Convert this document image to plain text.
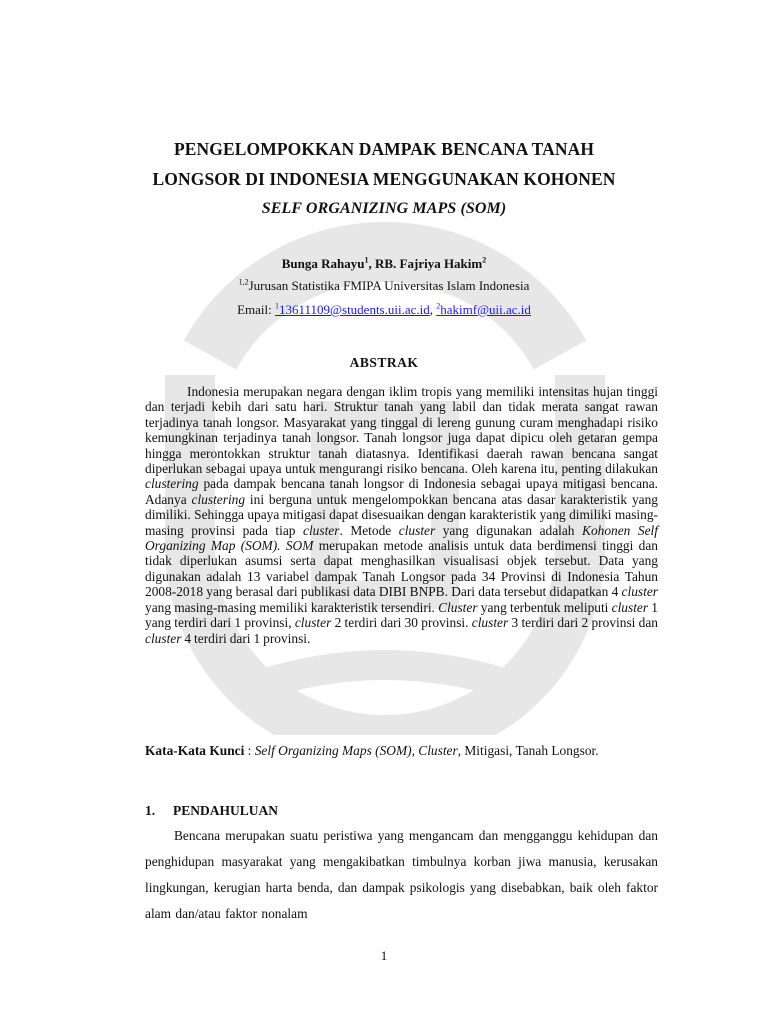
PENGELOMPOKKAN DAMPAK BENCANA TANAH
LONGSOR DI INDONESIA MENGGUNAKAN KOHONEN
SELF ORGANIZING MAPS (SOM)
Bunga Rahayu$^1$, RB. Fajriya Hakim$^2$
$^{1,2}$Jurusan Statistika FMIPA Universitas Islam Indonesia
Email: $^1$13611109@students.uii.ac.id, $^2$hakimf@uii.ac.id
ABSTRAK
Indonesia merupakan negara dengan iklim tropis yang memiliki intensitas hujan tinggi dan terjadi kebih dari satu hari. Struktur tanah yang labil dan tidak merata sangat rawan terjadinya tanah longsor. Masyarakat yang tinggal di lereng gunung curam menghadapi risiko kemungkinan terjadinya tanah longsor. Tanah longsor juga dapat dipicu oleh getaran gempa hingga merontokkan struktur tanah diatasnya. Identifikasi daerah rawan bencana sangat diperlukan sebagai upaya untuk mengurangi risiko bencana. Oleh karena itu, penting dilakukan clustering pada dampak bencana tanah longsor di Indonesia sebagai upaya mitigasi bencana. Adanya clustering ini berguna untuk mengelompokkan bencana atas dasar karakteristik yang dimiliki. Sehingga upaya mitigasi dapat disesuaikan dengan karakteristik yang dimiliki masing-masing provinsi pada tiap cluster. Metode cluster yang digunakan adalah Kohonen Self Organizing Map (SOM). SOM merupakan metode analisis untuk data berdimensi tinggi dan tidak diperlukan asumsi serta dapat menghasilkan visualisasi objek tersebut. Data yang digunakan adalah 13 variabel dampak Tanah Longsor pada 34 Provinsi di Indonesia Tahun 2008-2018 yang berasal dari publikasi data DIBI BNPB. Dari data tersebut didapatkan 4 cluster yang masing-masing memiliki karakteristik tersendiri. Cluster yang terbentuk meliputi cluster 1 yang terdiri dari 1 provinsi, cluster 2 terdiri dari 30 provinsi. cluster 3 terdiri dari 2 provinsi dan cluster 4 terdiri dari 1 provinsi.
Kata-Kata Kunci : Self Organizing Maps (SOM), Cluster, Mitigasi, Tanah Longsor.
1. PENDAHULUAN
Bencana merupakan suatu peristiwa yang mengancam dan mengganggu kehidupan dan penghidupan masyarakat yang mengakibatkan timbulnya korban jiwa manusia, kerusakan lingkungan, kerugian harta benda, dan dampak psikologis yang disebabkan, baik oleh faktor alam dan/atau faktor nonalam
1
